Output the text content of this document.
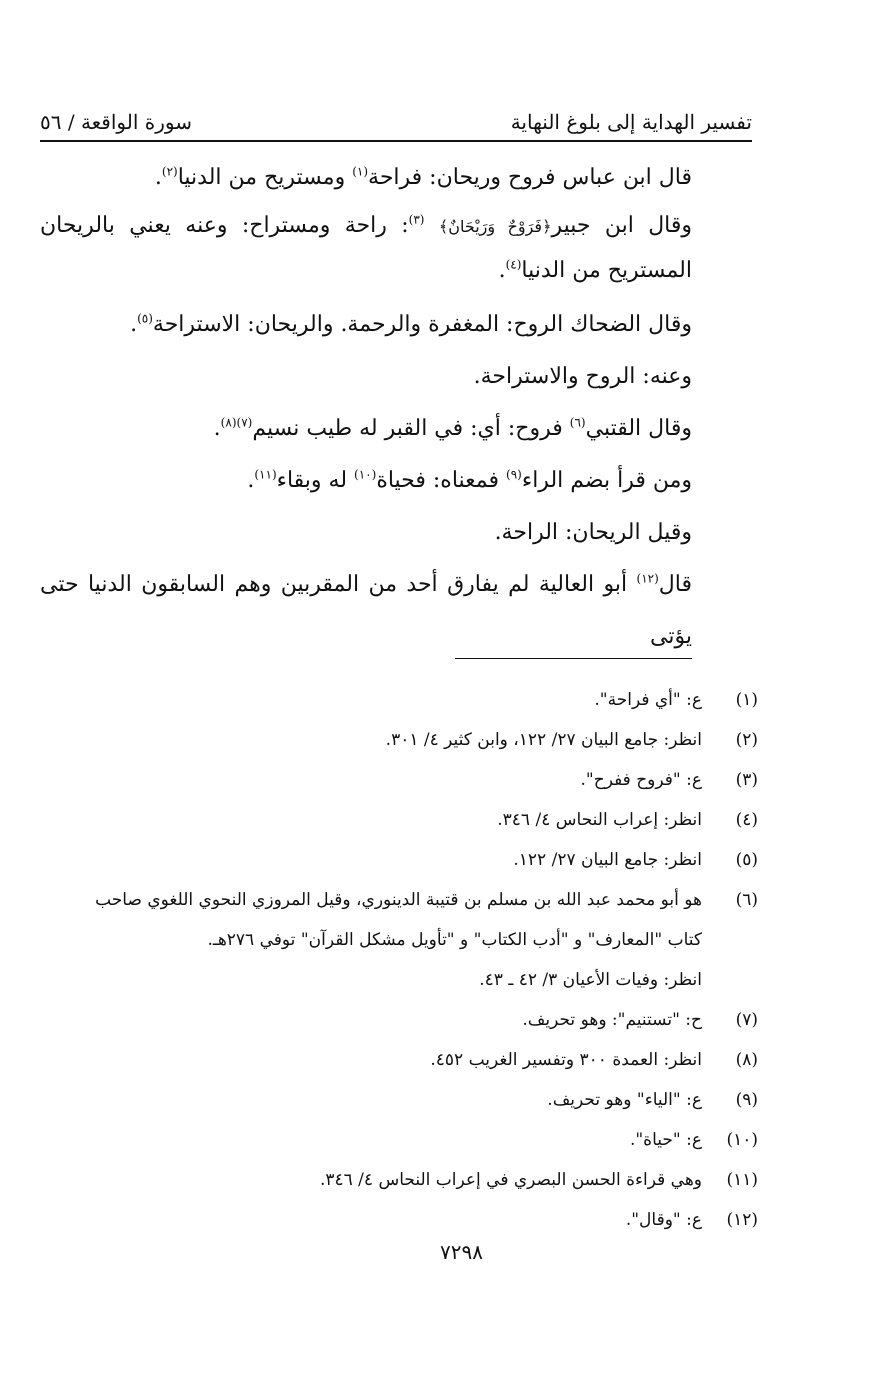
تفسير الهداية إلى بلوغ النهاية
سورة الواقعة / ٥٦

قال ابن عباس فروح وريحان: فراحة$^{(١)}$ ومستريح من الدنيا$^{(٢)}$.

وقال ابن جبير﴿فَرَوْحٌ وَرَيْحَانٌ﴾ $^{(٣)}$: راحة ومستراح: وعنه يعني بالريحان المستريح من الدنيا$^{(٤)}$.

وقال الضحاك الروح: المغفرة والرحمة. والريحان: الاستراحة$^{(٥)}$.

وعنه: الروح والاستراحة.

وقال القتبي$^{(٦)}$ فروح: أي: في القبر له طيب نسيم$^{(٧)(٨)}$.

ومن قرأ بضم الراء$^{(٩)}$ فمعناه: فحياة$^{(١٠)}$ له وبقاء$^{(١١)}$.

وقيل الريحان: الراحة.

قال$^{(١٢)}$ أبو العالية لم يفارق أحد من المقربين وهم السابقون الدنيا حتى يؤتى

(١)
ع: "أي فراحة".
(٢)
انظر: جامع البيان ٢٧/ ١٢٢، وابن كثير ٤/ ٣٠١.
(٣)
ع: "فروح ففرح".
(٤)
انظر: إعراب النحاس ٤/ ٣٤٦.
(٥)
انظر: جامع البيان ٢٧/ ١٢٢.
(٦)
هو أبو محمد عبد الله بن مسلم بن قتيبة الدينوري، وقيل المروزي النحوي اللغوي صاحب
كتاب "المعارف" و "أدب الكتاب" و "تأويل مشكل القرآن" توفي ٢٧٦هـ.
انظر: وفيات الأعيان ٣/ ٤٢ ـ ٤٣.
(٧)
ح: "تستنيم": وهو تحريف.
(٨)
انظر: العمدة ٣٠٠ وتفسير الغريب ٤٥٢.
(٩)
ع: "الياء" وهو تحريف.
(١٠)
ع: "حياة".
(١١)
وهي قراءة الحسن البصري في إعراب النحاس ٤/ ٣٤٦.
(١٢)
ع: "وقال".
٧٢٩٨
